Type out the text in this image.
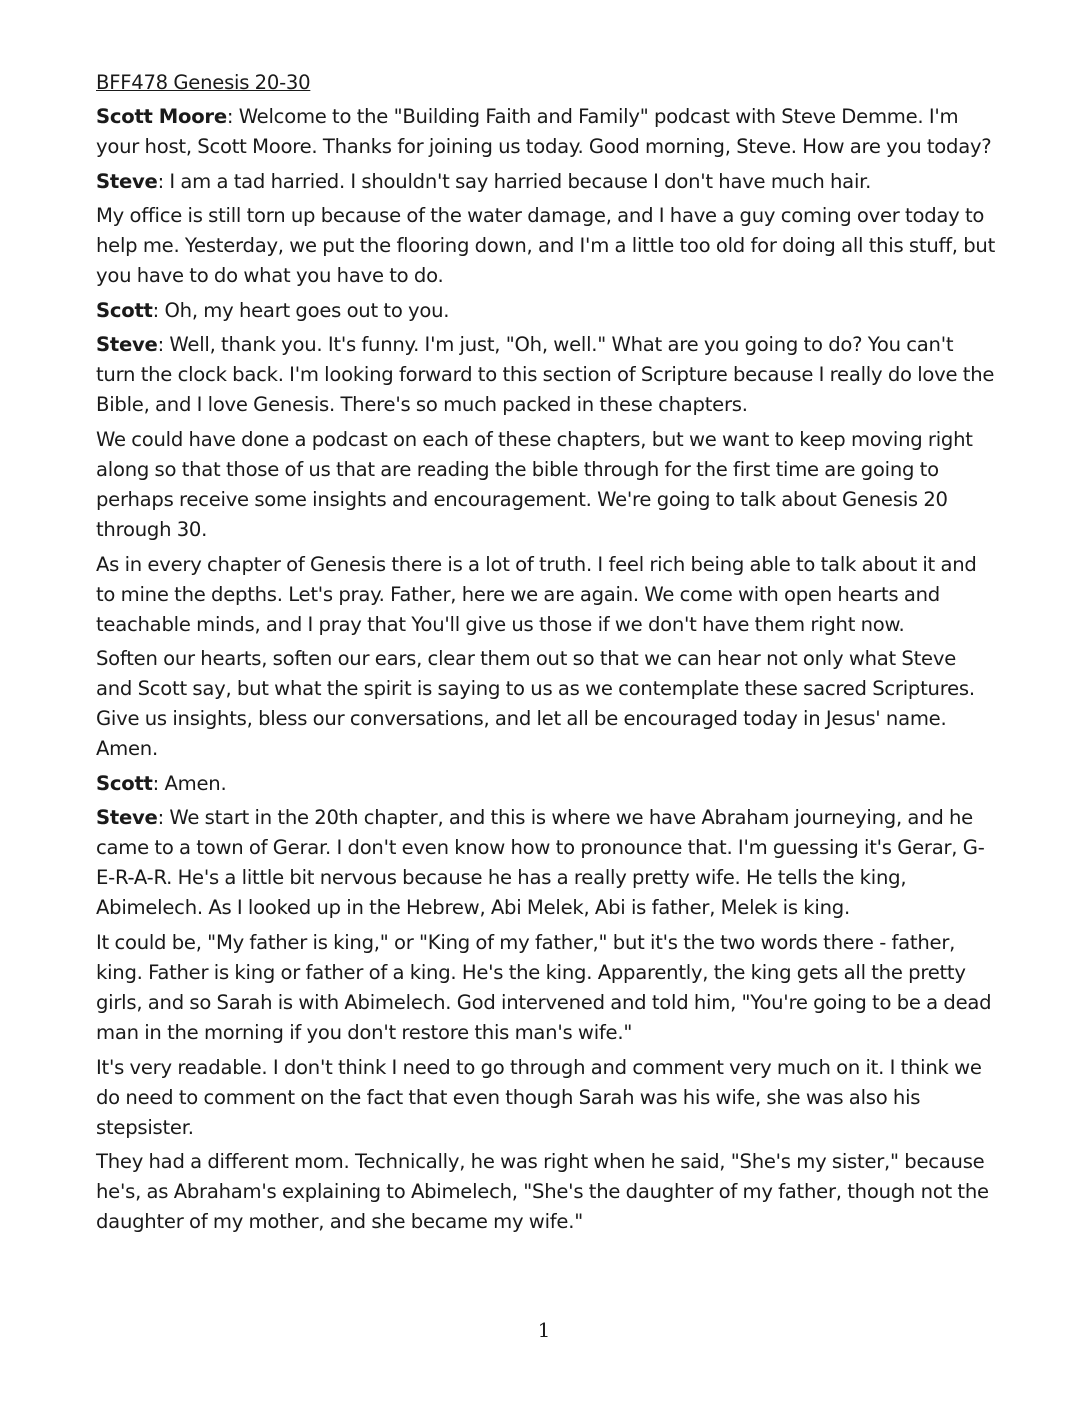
BFF478 Genesis 20-30

Scott Moore: Welcome to the "Building Faith and Family" podcast with Steve Demme. I'm your host, Scott Moore. Thanks for joining us today. Good morning, Steve. How are you today?

Steve: I am a tad harried. I shouldn't say harried because I don't have much hair.

My office is still torn up because of the water damage, and I have a guy coming over today to help me. Yesterday, we put the flooring down, and I'm a little too old for doing all this stuff, but you have to do what you have to do.

Scott: Oh, my heart goes out to you.

Steve: Well, thank you. It's funny. I'm just, "Oh, well." What are you going to do? You can't turn the clock back. I'm looking forward to this section of Scripture because I really do love the Bible, and I love Genesis. There's so much packed in these chapters.

We could have done a podcast on each of these chapters, but we want to keep moving right along so that those of us that are reading the bible through for the first time are going to perhaps receive some insights and encouragement. We're going to talk about Genesis 20 through 30.

As in every chapter of Genesis there is a lot of truth. I feel rich being able to talk about it and to mine the depths. Let's pray. Father, here we are again. We come with open hearts and teachable minds, and I pray that You'll give us those if we don't have them right now.

Soften our hearts, soften our ears, clear them out so that we can hear not only what Steve and Scott say, but what the spirit is saying to us as we contemplate these sacred Scriptures. Give us insights, bless our conversations, and let all be encouraged today in Jesus' name. Amen.

Scott: Amen.

Steve: We start in the 20th chapter, and this is where we have Abraham journeying, and he came to a town of Gerar. I don't even know how to pronounce that. I'm guessing it's Gerar, G-E-R-A-R. He's a little bit nervous because he has a really pretty wife. He tells the king, Abimelech. As I looked up in the Hebrew, Abi Melek, Abi is father, Melek is king.

It could be, "My father is king," or "King of my father," but it's the two words there - father, king. Father is king or father of a king. He's the king. Apparently, the king gets all the pretty girls, and so Sarah is with Abimelech. God intervened and told him, "You're going to be a dead man in the morning if you don't restore this man's wife."

It's very readable. I don't think I need to go through and comment very much on it. I think we do need to comment on the fact that even though Sarah was his wife, she was also his stepsister.

They had a different mom. Technically, he was right when he said, "She's my sister," because he's, as Abraham's explaining to Abimelech, "She's the daughter of my father, though not the daughter of my mother, and she became my wife."

1
